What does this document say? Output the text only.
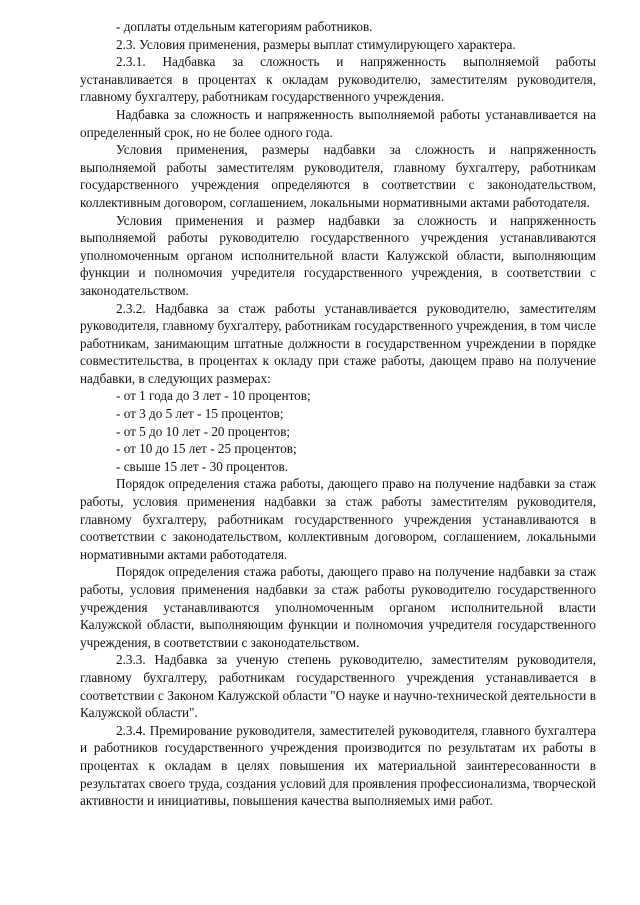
- доплаты отдельным категориям работников.

2.3. Условия применения, размеры выплат стимулирующего характера.

2.3.1. Надбавка за сложность и напряженность выполняемой работы устанавливается в процентах к окладам руководителю, заместителям руководителя, главному бухгалтеру, работникам государственного учреждения.

Надбавка за сложность и напряженность выполняемой работы устанавливается на определенный срок, но не более одного года.

Условия применения, размеры надбавки за сложность и напряженность выполняемой работы заместителям руководителя, главному бухгалтеру, работникам государственного учреждения определяются в соответствии с законодательством, коллективным договором, соглашением, локальными нормативными актами работодателя.

Условия применения и размер надбавки за сложность и напряженность выполняемой работы руководителю государственного учреждения устанавливаются уполномоченным органом исполнительной власти Калужской области, выполняющим функции и полномочия учредителя государственного учреждения, в соответствии с законодательством.

2.3.2. Надбавка за стаж работы устанавливается руководителю, заместителям руководителя, главному бухгалтеру, работникам государственного учреждения, в том числе работникам, занимающим штатные должности в государственном учреждении в порядке совместительства, в процентах к окладу при стаже работы, дающем право на получение надбавки, в следующих размерах:

- от 1 года до 3 лет - 10 процентов;

- от 3 до 5 лет - 15 процентов;

- от 5 до 10 лет - 20 процентов;

- от 10 до 15 лет - 25 процентов;

- свыше 15 лет - 30 процентов.

Порядок определения стажа работы, дающего право на получение надбавки за стаж работы, условия применения надбавки за стаж работы заместителям руководителя, главному бухгалтеру, работникам государственного учреждения устанавливаются в соответствии с законодательством, коллективным договором, соглашением, локальными нормативными актами работодателя.

Порядок определения стажа работы, дающего право на получение надбавки за стаж работы, условия применения надбавки за стаж работы руководителю государственного учреждения устанавливаются уполномоченным органом исполнительной власти Калужской области, выполняющим функции и полномочия учредителя государственного учреждения, в соответствии с законодательством.

2.3.3. Надбавка за ученую степень руководителю, заместителям руководителя, главному бухгалтеру, работникам государственного учреждения устанавливается в соответствии с Законом Калужской области "О науке и научно-технической деятельности в Калужской области".

2.3.4. Премирование руководителя, заместителей руководителя, главного бухгалтера и работников государственного учреждения производится по результатам их работы в процентах к окладам в целях повышения их материальной заинтересованности в результатах своего труда, создания условий для проявления профессионализма, творческой активности и инициативы, повышения качества выполняемых ими работ.
